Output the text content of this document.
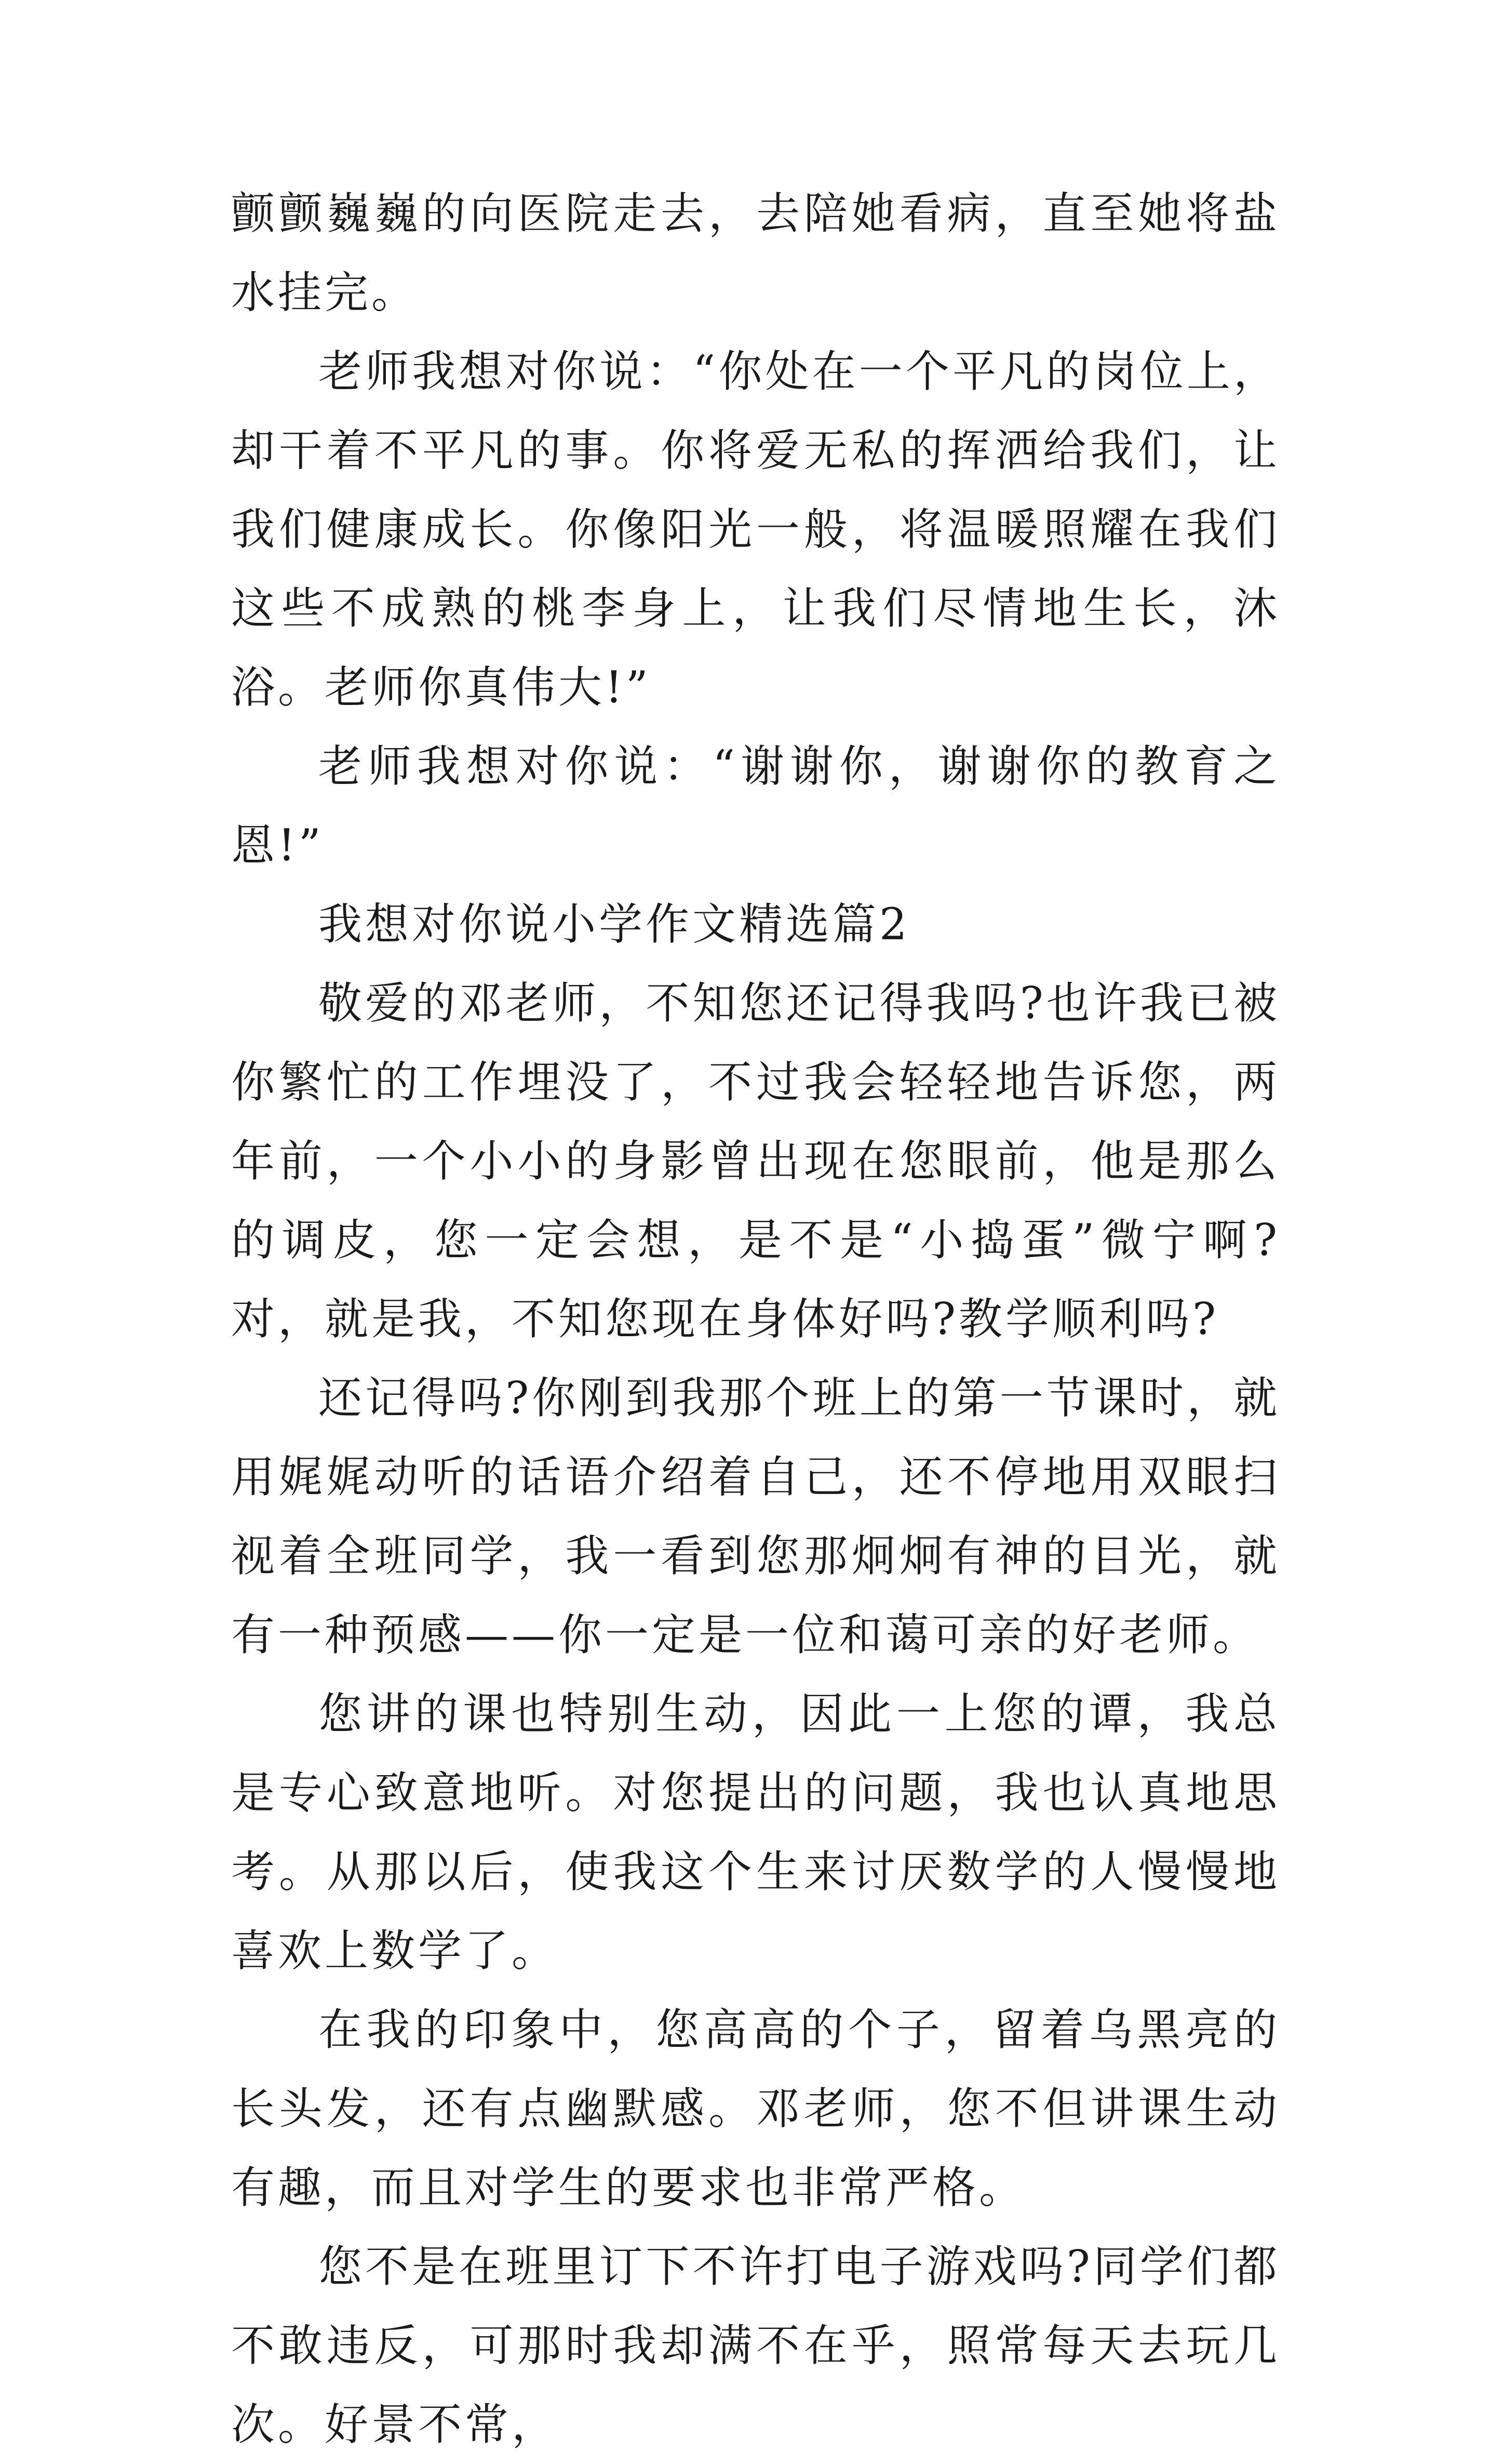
颤颤巍巍的向医院走去，去陪她看病，直至她将盐水挂完。

老师我想对你说：“你处在一个平凡的岗位上，却干着不平凡的事。你将爱无私的挥洒给我们，让我们健康成长。你像阳光一般，将温暖照耀在我们这些不成熟的桃李身上，让我们尽情地生长，沐浴。老师你真伟大!”

老师我想对你说：“谢谢你，谢谢你的教育之恩!”

我想对你说小学作文精选篇2

敬爱的邓老师，不知您还记得我吗?也许我已被你繁忙的工作埋没了，不过我会轻轻地告诉您，两年前，一个小小的身影曾出现在您眼前，他是那么的调皮，您一定会想，是不是“小捣蛋”微宁啊?对，就是我，不知您现在身体好吗?教学顺利吗?

还记得吗?你刚到我那个班上的第一节课时，就用娓娓动听的话语介绍着自己，还不停地用双眼扫视着全班同学，我一看到您那炯炯有神的目光，就有一种预感——你一定是一位和蔼可亲的好老师。

您讲的课也特别生动，因此一上您的谭，我总是专心致意地听。对您提出的问题，我也认真地思考。从那以后，使我这个生来讨厌数学的人慢慢地喜欢上数学了。

在我的印象中，您高高的个子，留着乌黑亮的长头发，还有点幽默感。邓老师，您不但讲课生动有趣，而且对学生的要求也非常严格。

您不是在班里订下不许打电子游戏吗?同学们都不敢违反，可那时我却满不在乎，照常每天去玩几次。好景不常，
